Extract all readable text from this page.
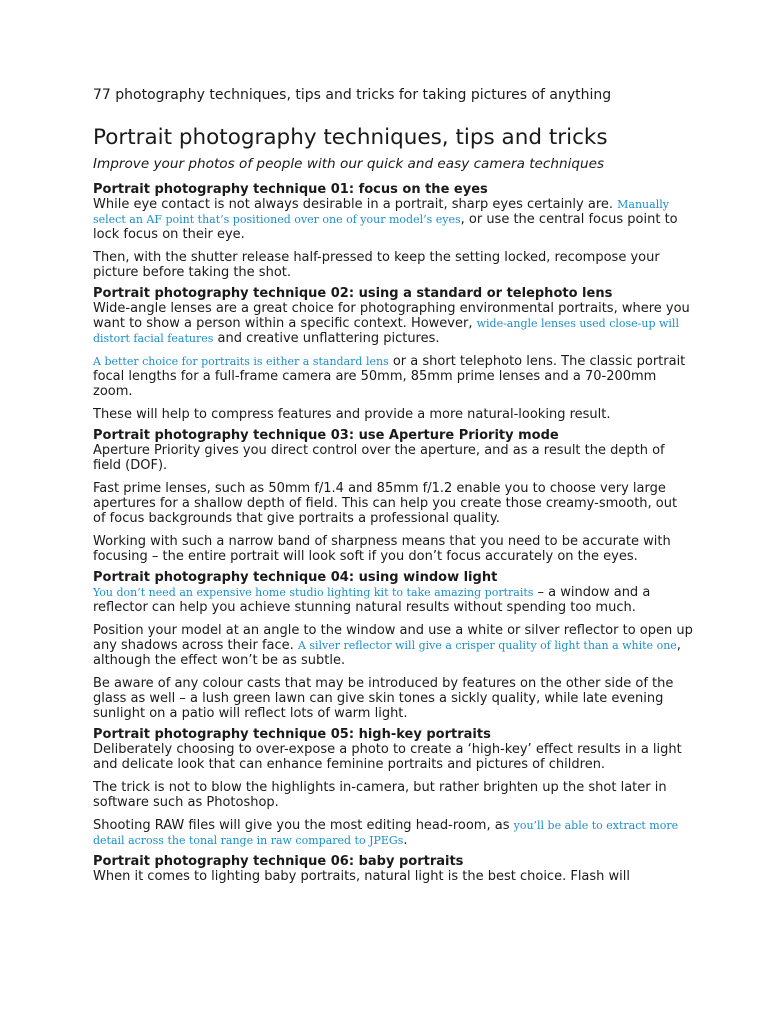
77 photography techniques, tips and tricks for taking pictures of anything

Portrait photography techniques, tips and tricks

Improve your photos of people with our quick and easy camera techniques

Portrait photography technique 01: focus on the eyes

While eye contact is not always desirable in a portrait, sharp eyes certainly are. Manually select an AF point that’s positioned over one of your model’s eyes, or use the central focus point to lock focus on their eye.

Then, with the shutter release half-pressed to keep the setting locked, recompose your picture before taking the shot.

Portrait photography technique 02: using a standard or telephoto lens

Wide-angle lenses are a great choice for photographing environmental portraits, where you want to show a person within a specific context. However, wide-angle lenses used close-up will distort facial features and creative unflattering pictures.

A better choice for portraits is either a standard lens or a short telephoto lens. The classic portrait focal lengths for a full-frame camera are 50mm, 85mm prime lenses and a 70-200mm zoom.

These will help to compress features and provide a more natural-looking result.

Portrait photography technique 03: use Aperture Priority mode

Aperture Priority gives you direct control over the aperture, and as a result the depth of field (DOF).

Fast prime lenses, such as 50mm f/1.4 and 85mm f/1.2 enable you to choose very large apertures for a shallow depth of field. This can help you create those creamy-smooth, out of focus backgrounds that give portraits a professional quality.

Working with such a narrow band of sharpness means that you need to be accurate with focusing – the entire portrait will look soft if you don’t focus accurately on the eyes.

Portrait photography technique 04: using window light

You don’t need an expensive home studio lighting kit to take amazing portraits – a window and a reflector can help you achieve stunning natural results without spending too much.

Position your model at an angle to the window and use a white or silver reflector to open up any shadows across their face. A silver reflector will give a crisper quality of light than a white one, although the effect won’t be as subtle.

Be aware of any colour casts that may be introduced by features on the other side of the glass as well – a lush green lawn can give skin tones a sickly quality, while late evening sunlight on a patio will reflect lots of warm light.

Portrait photography technique 05: high-key portraits

Deliberately choosing to over-expose a photo to create a ‘high-key’ effect results in a light and delicate look that can enhance feminine portraits and pictures of children.

The trick is not to blow the highlights in-camera, but rather brighten up the shot later in software such as Photoshop.

Shooting RAW files will give you the most editing head-room, as you’ll be able to extract more detail across the tonal range in raw compared to JPEGs.

Portrait photography technique 06: baby portraits

When it comes to lighting baby portraits, natural light is the best choice. Flash will
